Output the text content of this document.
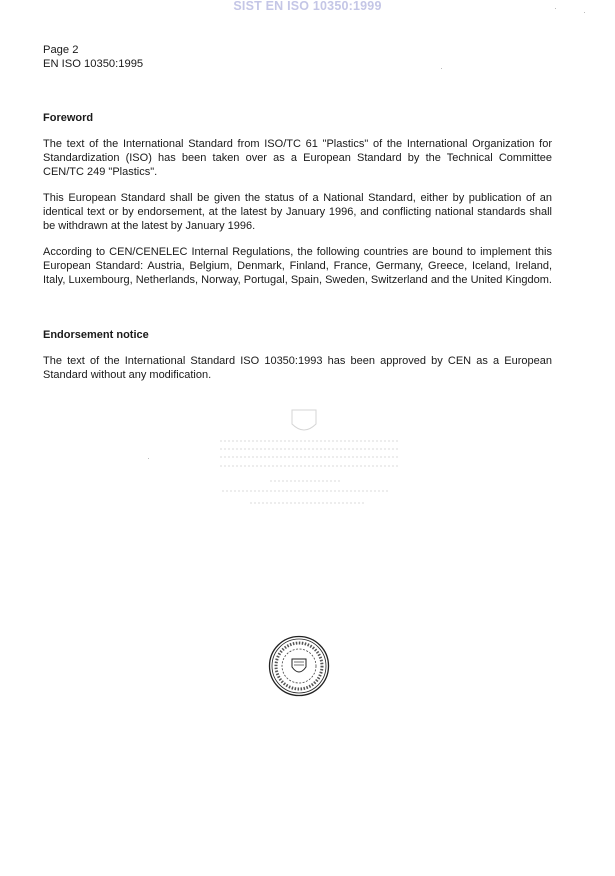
SIST EN ISO 10350:1999
Page 2
EN ISO 10350:1995
Foreword

The text of the International Standard from ISO/TC 61 "Plastics" of the International Organization for Standardization (ISO) has been taken over as a European Standard by the Technical Committee CEN/TC 249 "Plastics".

This European Standard shall be given the status of a National Standard, either by publication of an identical text or by endorsement, at the latest by January 1996, and conflicting national standards shall be withdrawn at the latest by January 1996.

According to CEN/CENELEC Internal Regulations, the following countries are bound to implement this European Standard: Austria, Belgium, Denmark, Finland, France, Germany, Greece, Iceland, Ireland, Italy, Luxembourg, Netherlands, Norway, Portugal, Spain, Sweden, Switzerland and the United Kingdom.

Endorsement notice

The text of the International Standard ISO 10350:1993 has been approved by CEN as a European Standard without any modification.
